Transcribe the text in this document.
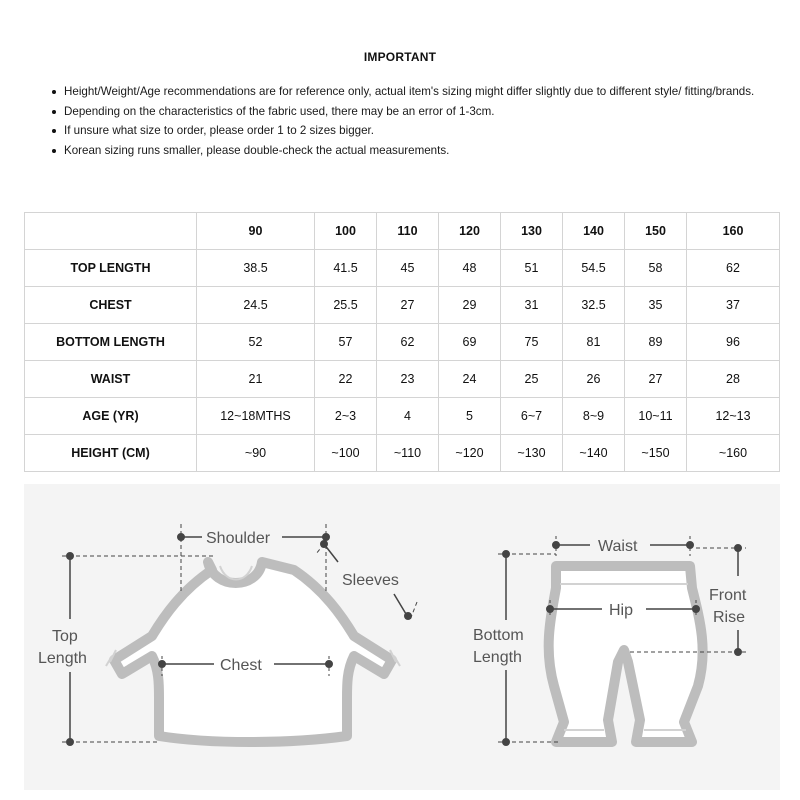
IMPORTANT
Height/Weight/Age recommendations are for reference only, actual item's sizing might differ slightly due to different style/ fitting/brands.
Depending on the characteristics of the fabric used, there may be an error of 1-3cm.
If unsure what size to order, please order 1 to 2 sizes bigger.
Korean sizing runs smaller, please double-check the actual measurements.
	90	100	110	120	130	140	150	160
TOP LENGTH	38.5	41.5	45	48	51	54.5	58	62
CHEST	24.5	25.5	27	29	31	32.5	35	37
BOTTOM LENGTH	52	57	62	69	75	81	89	96
WAIST	21	22	23	24	25	26	27	28
AGE (YR)	12~18MTHS	2~3	4	5	6~7	8~9	10~11	12~13
HEIGHT (CM)	~90	~100	~110	~120	~130	~140	~150	~160
Shoulder
Sleeves
Top
Length	Chest
Waist
Hip
Front
Rise
Bottom
Length
